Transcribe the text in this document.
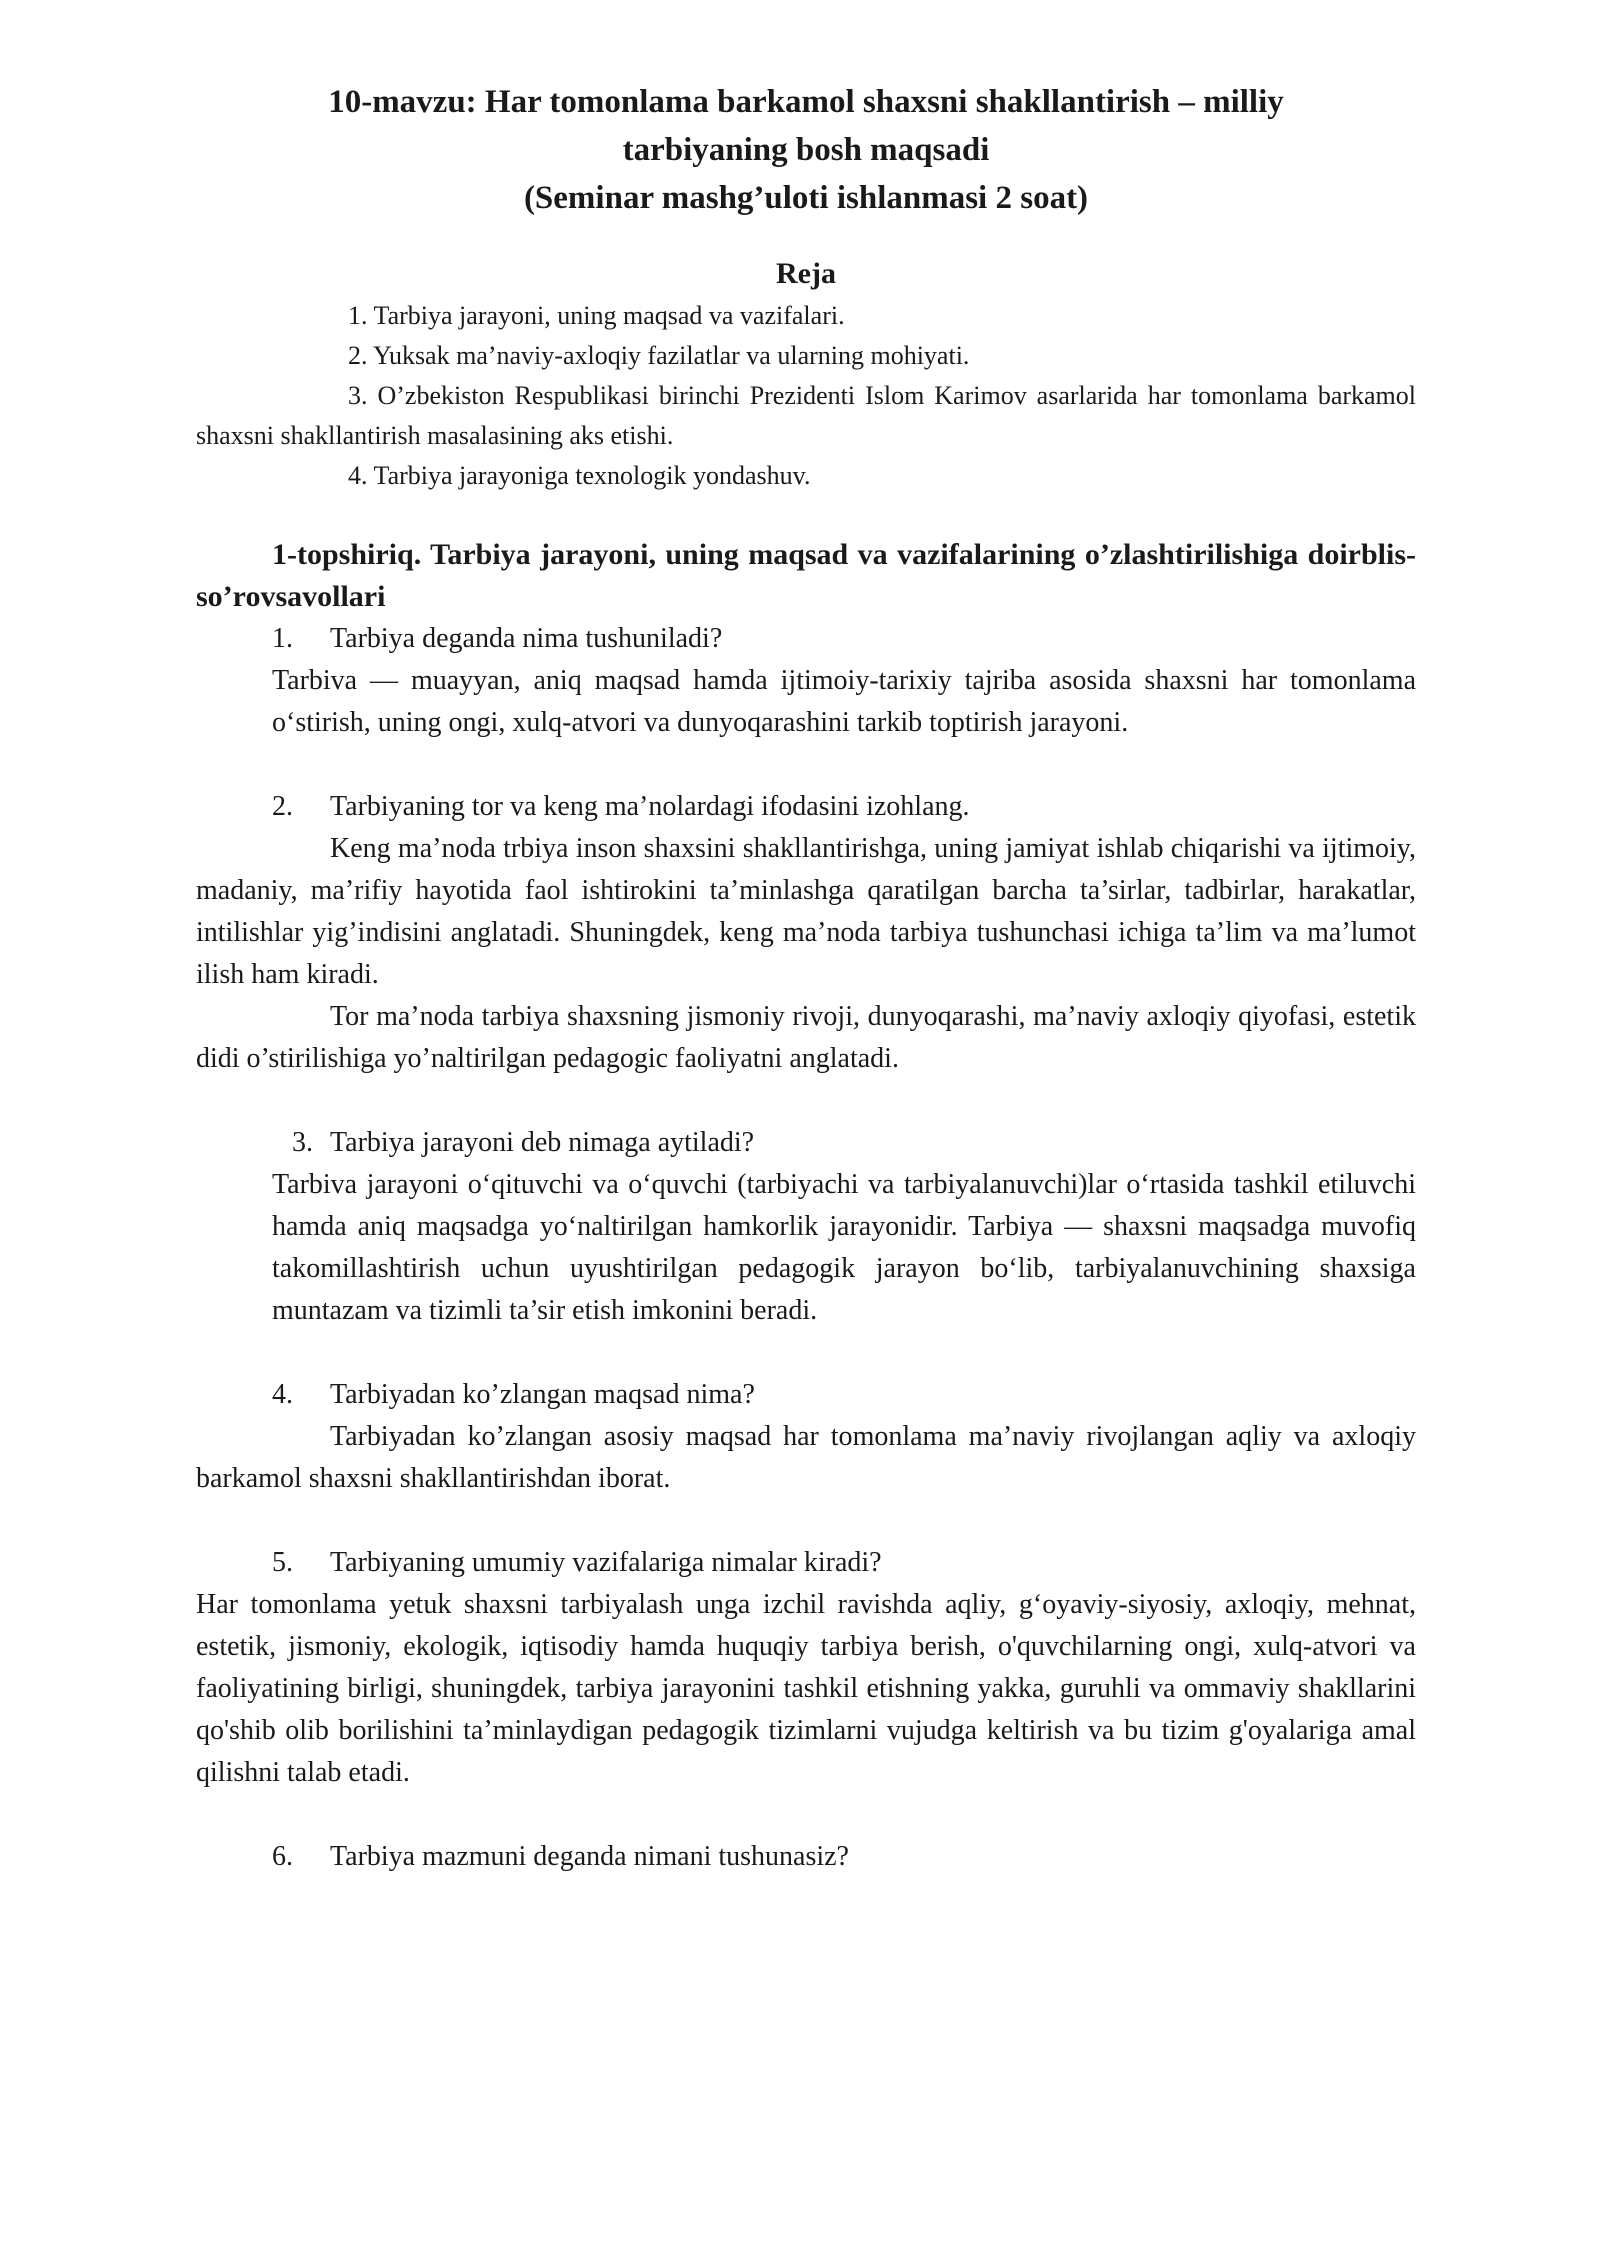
10-mavzu: Har tomonlama barkamol shaxsni shakllantirish – milliy
tarbiyaning bosh maqsadi
(Seminar mashg’uloti ishlanmasi 2 soat)
Reja
1. Tarbiya jarayoni, uning maqsad va vazifalari.
2. Yuksak ma’naviy-axloqiy fazilatlar va ularning mohiyati.
3. O’zbekiston Respublikasi birinchi Prezidenti Islom Karimov asarlarida har tomonlama barkamol shaxsni shakllantirish masalasining aks etishi.
4. Tarbiya jarayoniga texnologik yondashuv.
1-topshiriq. Tarbiya jarayoni, uning maqsad va vazifalarining o’zlashtirilishiga doirblis-so’rovsavollari
1. Tarbiya deganda nima tushuniladi?
Tarbiva — muayyan, aniq maqsad hamda ijtimoiy-tarixiy tajriba asosida shaxsni har tomonlama o‘stirish, uning ongi, xulq-atvori va dunyoqarashini tarkib toptirish jarayoni.
2. Tarbiyaning tor va keng ma’nolardagi ifodasini izohlang.
Keng ma’noda trbiya inson shaxsini shakllantirishga, uning jamiyat ishlab chiqarishi va ijtimoiy, madaniy, ma’rifiy hayotida faol ishtirokini ta’minlashga qaratilgan barcha ta’sirlar, tadbirlar, harakatlar, intilishlar yig’indisini anglatadi. Shuningdek, keng ma’noda tarbiya tushunchasi ichiga ta’lim va ma’lumot ilish ham kiradi.
Tor ma’noda tarbiya shaxsning jismoniy rivoji, dunyoqarashi, ma’naviy axloqiy qiyofasi, estetik didi o’stirilishiga yo’naltirilgan pedagogic faoliyatni anglatadi.
3. Tarbiya jarayoni deb nimaga aytiladi?
Tarbiva jarayoni o‘qituvchi va o‘quvchi (tarbiyachi va tarbiyalanuvchi)lar o‘rtasida tashkil etiluvchi hamda aniq maqsadga yo‘naltirilgan hamkorlik jarayonidir. Tarbiya — shaxsni maqsadga muvofiq takomillashtirish uchun uyushtirilgan pedagogik jarayon bo‘lib, tarbiyalanuvchining shaxsiga muntazam va tizimli ta’sir etish imkonini beradi.
4. Tarbiyadan ko’zlangan maqsad nima?
Tarbiyadan ko’zlangan asosiy maqsad har tomonlama ma’naviy rivojlangan aqliy va axloqiy barkamol shaxsni shakllantirishdan iborat.
5. Tarbiyaning umumiy vazifalariga nimalar kiradi?
Har tomonlama yetuk shaxsni tarbiyalash unga izchil ravishda aqliy, g‘oyaviy-siyosiy, axloqiy, mehnat, estetik, jismoniy, ekologik, iqtisodiy hamda huquqiy tarbiya berish, o'quvchilarning ongi, xulq-atvori va faoliyatining birligi, shuningdek, tarbiya jarayonini tashkil etishning yakka, guruhli va ommaviy shakllarini qo'shib olib borilishini ta’minlaydigan pedagogik tizimlarni vujudga keltirish va bu tizim g'oyalariga amal qilishni talab etadi.
6. Tarbiya mazmuni deganda nimani tushunasiz?
